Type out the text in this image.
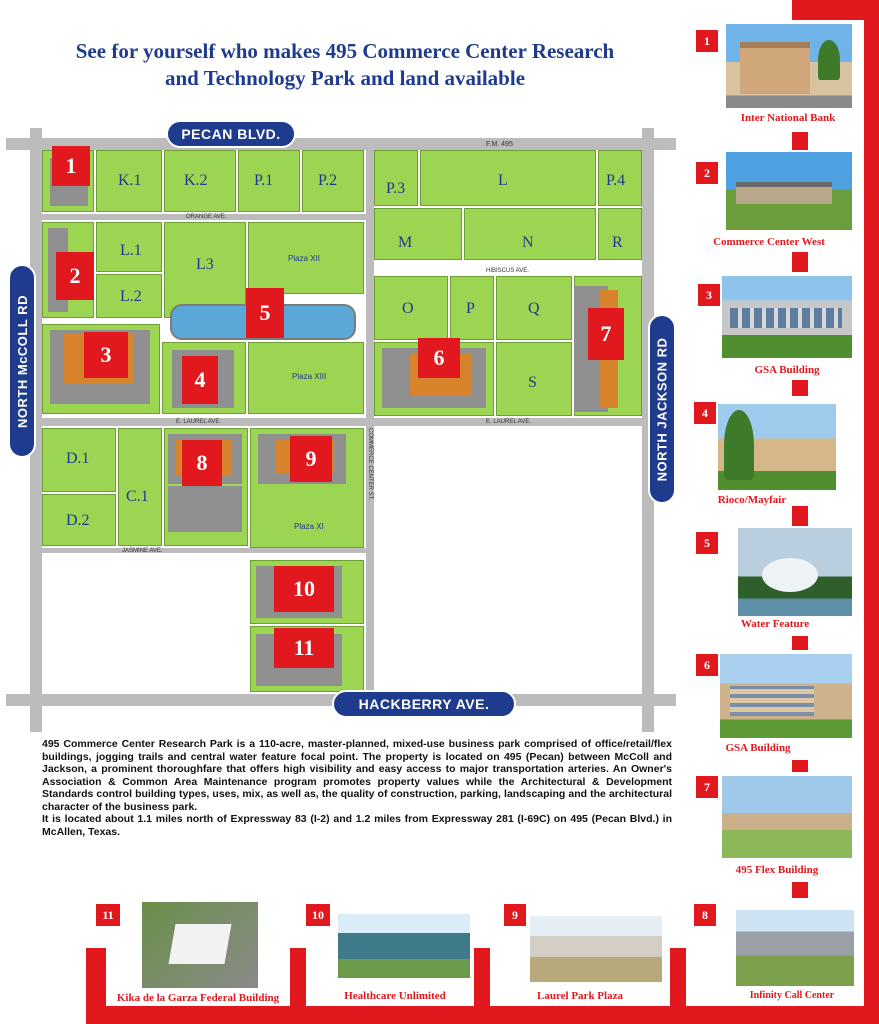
See for yourself who makes 495 Commerce Center Research
and Technology Park and land available
K.1	K.2	P.1	P.2	P.3	L	P.4
L.1
L.2
L3	Plaza XII
M	N	R
Plaza XIII
O	P	Q
S
D.1
D.2
C.1
Plaza XI
1
2
3
4
5
6
7
8	9
10
11
F.M. 495
ORANGE AVE.
HIBISCUS AVE.
E. LAUREL AVE.	E. LAUREL AVE.
JASMINE AVE.
COMMERCE CENTER ST.
PECAN BLVD.
HACKBERRY AVE.
NORTH McCOLL RD	NORTH JACKSON RD
1
Inter National Bank
2
Commerce Center West
3
GSA Building
4
Rioco/Mayfair
5
Water Feature
6
GSA Building
7
495 Flex Building
11
Kika de la Garza Federal Building
10
Healthcare Unlimited
9
Laurel Park Plaza
8
Infinity Call Center

495 Commerce Center Research Park is a 110-acre, master-planned, mixed-use business park comprised of office/retail/flex buildings, jogging trails and central water feature focal point. The property is located on 495 (Pecan) between McColl and Jackson, a prominent thoroughfare that offers high visibility and easy access to major transportation arteries. An Owner's Association & Common Area Maintenance program promotes property values while the Architectural & Development Standards control building types, uses, mix, as well as, the quality of construction, parking, landscaping and the architectural character of the business park.

It is located about 1.1 miles north of Expressway 83 (I-2) and 1.2 miles from Expressway 281 (I-69C) on 495 (Pecan Blvd.) in McAllen, Texas.
